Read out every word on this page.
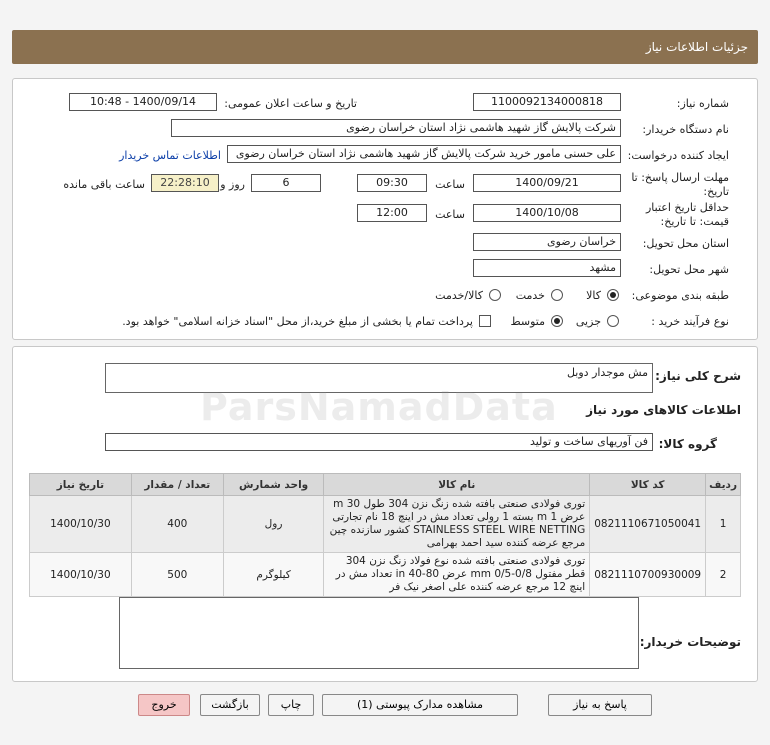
جزئیات اطلاعات نیاز
شماره نیاز:
1100092134000818
تاریخ و ساعت اعلان عمومی:
1400/09/14 - 10:48
نام دستگاه خریدار:
شرکت پالایش گاز شهید هاشمی نژاد استان خراسان رضوی
ایجاد کننده درخواست:
علی حسنی مامور خرید شرکت پالایش گاز شهید هاشمی نژاد استان خراسان رضوی
اطلاعات تماس خریدار
مهلت ارسال پاسخ: تا
تاریخ:
1400/09/21
ساعت
09:30
6
روز و
22:28:10
ساعت باقی مانده
حداقل تاریخ اعتبار
قیمت: تا تاریخ:
1400/10/08
ساعت
12:00
استان محل تحویل:
خراسان رضوی
شهر محل تحویل:
مشهد
طبقه بندی موضوعی:
کالا
خدمت
کالا/خدمت
نوع فرآیند خرید :
جزیی
متوسط
پرداخت تمام یا بخشی از مبلغ خرید،از محل "اسناد خزانه اسلامی" خواهد بود.
شرح کلی نیاز:
مش موجدار دوبل
اطلاعات کالاهای مورد نیاز
گروه کالا:
فن آوریهای ساخت و تولید
ردیف	کد کالا	نام کالا	واحد شمارش	تعداد / مقدار	تاریخ نیاز
1	0821110671050041	توری فولادی صنعتی بافته شده زنگ نزن 304 طول 30 m عرض 1 m بسته 1 رولی تعداد مش در اینچ 18 نام تجارتی STAINLESS STEEL WIRE NETTING کشور سازنده چین مرجع عرضه کننده سید احمد بهرامی	رول	400	1400/10/30
2	0821110700930009	توری فولادی صنعتی بافته شده نوع فولاد زنگ نزن 304 قطر مفتول 0/8-0/5 mm عرض 80-40 in تعداد مش در اینچ 12 مرجع عرضه کننده علی اصغر نیک فر	کیلوگرم	500	1400/10/30
توضیحات خریدار:
پاسخ به نیاز
مشاهده مدارک پیوستی (1)
چاپ
بازگشت
خروج
